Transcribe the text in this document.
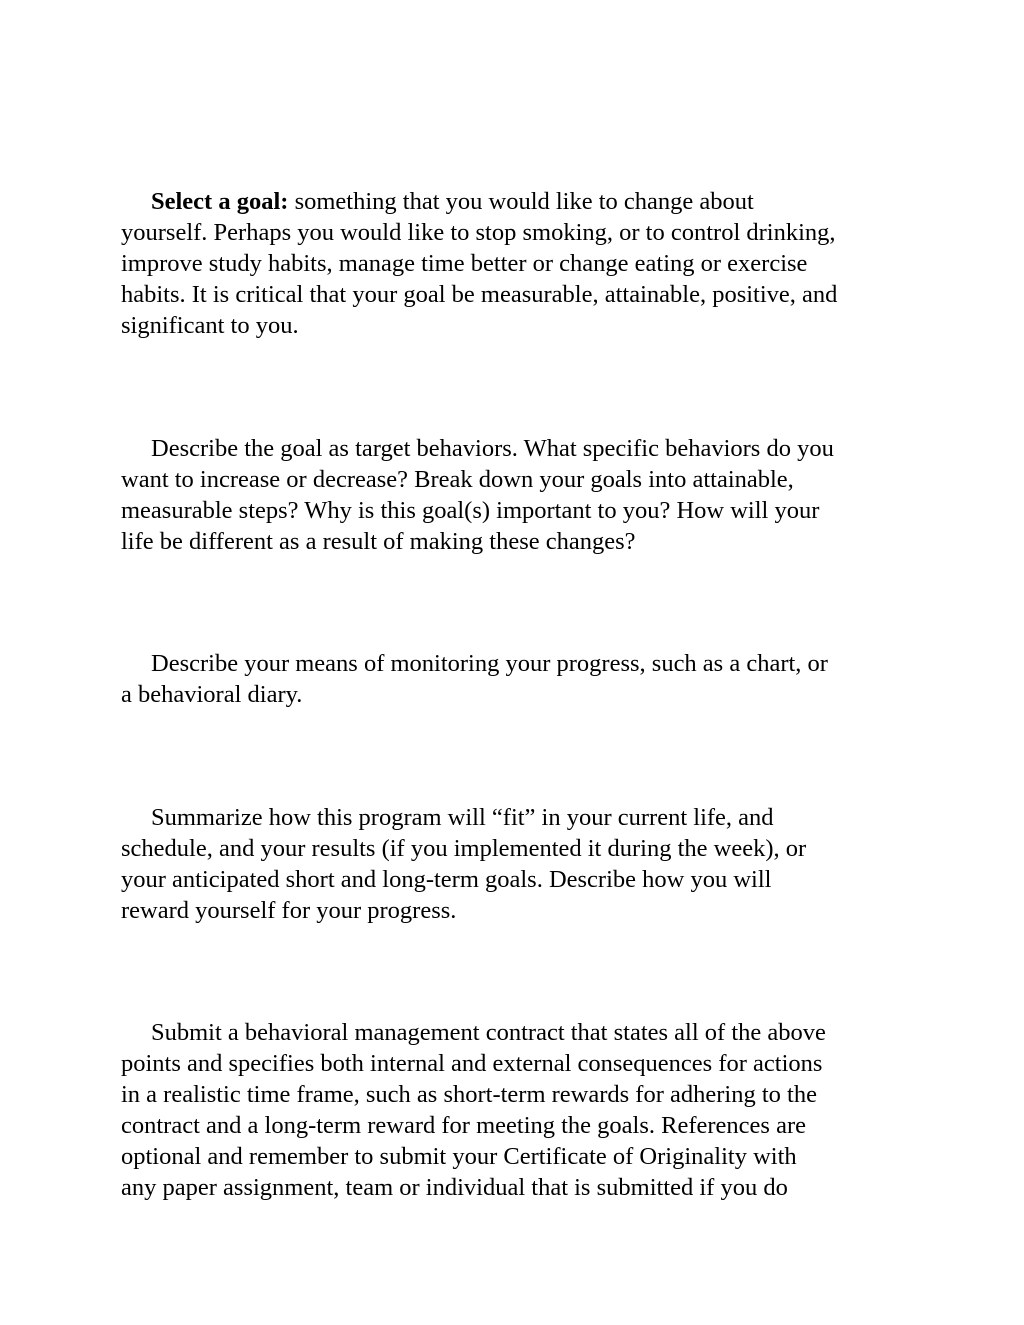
Select a goal: something that you would like to change about
yourself. Perhaps you would like to stop smoking, or to control drinking,
improve study habits, manage time better or change eating or exercise
habits. It is critical that your goal be measurable, attainable, positive, and
significant to you.
Describe the goal as target behaviors. What specific behaviors do you
want to increase or decrease? Break down your goals into attainable,
measurable steps? Why is this goal(s) important to you? How will your
life be different as a result of making these changes?
Describe your means of monitoring your progress, such as a chart, or
a behavioral diary.
Summarize how this program will “fit” in your current life, and
schedule, and your results (if you implemented it during the week), or
your anticipated short and long-term goals. Describe how you will
reward yourself for your progress.
Submit a behavioral management contract that states all of the above
points and specifies both internal and external consequences for actions
in a realistic time frame, such as short-term rewards for adhering to the
contract and a long-term reward for meeting the goals. References are
optional and remember to submit your Certificate of Originality with
any paper assignment, team or individual that is submitted if you do
